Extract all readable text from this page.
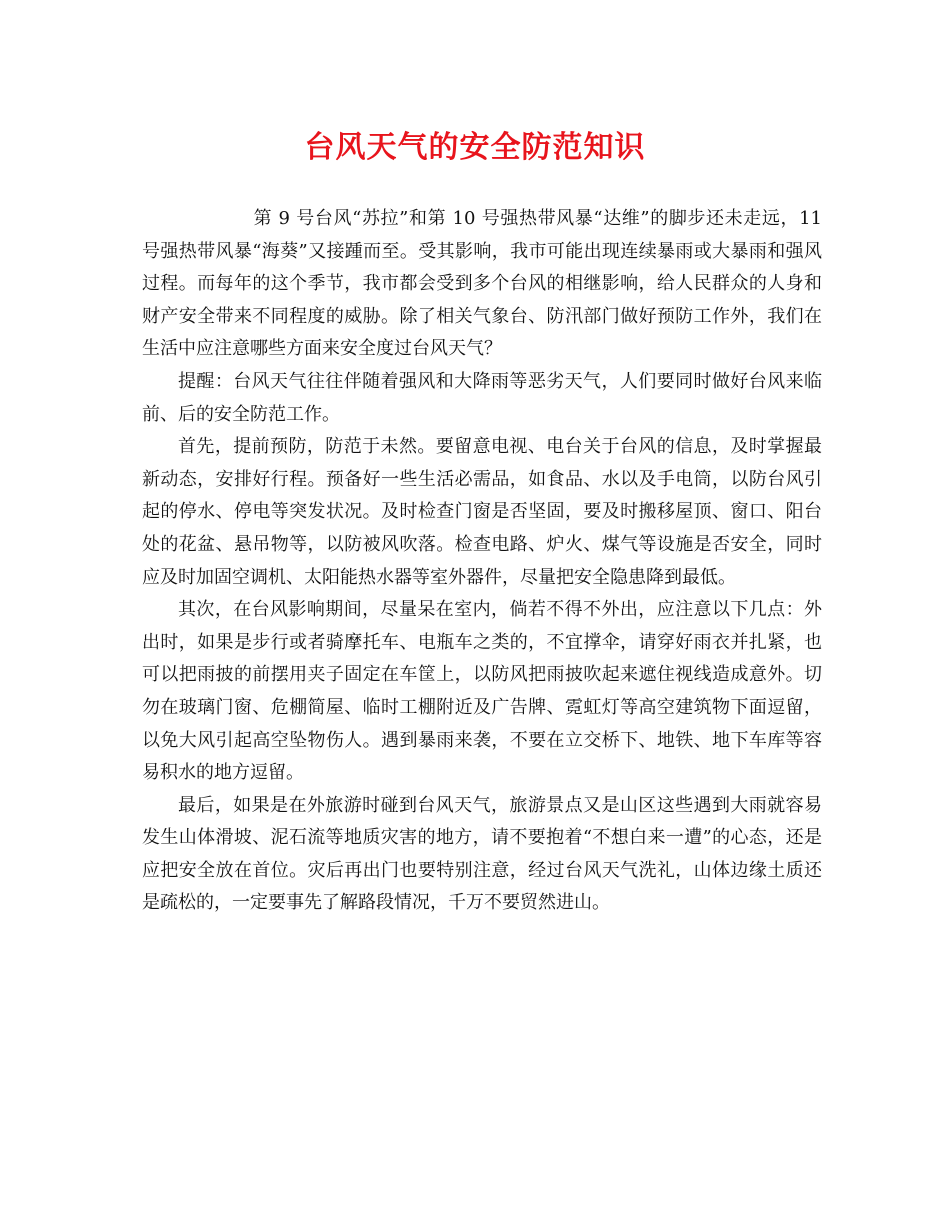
台风天气的安全防范知识

第 9 号台风“苏拉”和第 10 号强热带风暴“达维”的脚步还未走远，11 号强热带风暴“海葵”又接踵而至。受其影响，我市可能出现连续暴雨或大暴雨和强风过程。而每年的这个季节，我市都会受到多个台风的相继影响，给人民群众的人身和财产安全带来不同程度的威胁。除了相关气象台、防汛部门做好预防工作外，我们在生活中应注意哪些方面来安全度过台风天气？

提醒：台风天气往往伴随着强风和大降雨等恶劣天气，人们要同时做好台风来临前、后的安全防范工作。

首先，提前预防，防范于未然。要留意电视、电台关于台风的信息，及时掌握最新动态，安排好行程。预备好一些生活必需品，如食品、水以及手电筒，以防台风引起的停水、停电等突发状况。及时检查门窗是否坚固，要及时搬移屋顶、窗口、阳台处的花盆、悬吊物等，以防被风吹落。检查电路、炉火、煤气等设施是否安全，同时应及时加固空调机、太阳能热水器等室外器件，尽量把安全隐患降到最低。

其次，在台风影响期间，尽量呆在室内，倘若不得不外出，应注意以下几点：外出时，如果是步行或者骑摩托车、电瓶车之类的，不宜撑伞，请穿好雨衣并扎紧，也可以把雨披的前摆用夹子固定在车筐上，以防风把雨披吹起来遮住视线造成意外。切勿在玻璃门窗、危棚简屋、临时工棚附近及广告牌、霓虹灯等高空建筑物下面逗留，以免大风引起高空坠物伤人。遇到暴雨来袭，不要在立交桥下、地铁、地下车库等容易积水的地方逗留。

最后，如果是在外旅游时碰到台风天气，旅游景点又是山区这些遇到大雨就容易发生山体滑坡、泥石流等地质灾害的地方，请不要抱着“不想白来一遭”的心态，还是应把安全放在首位。灾后再出门也要特别注意，经过台风天气洗礼，山体边缘土质还是疏松的，一定要事先了解路段情况，千万不要贸然进山。
